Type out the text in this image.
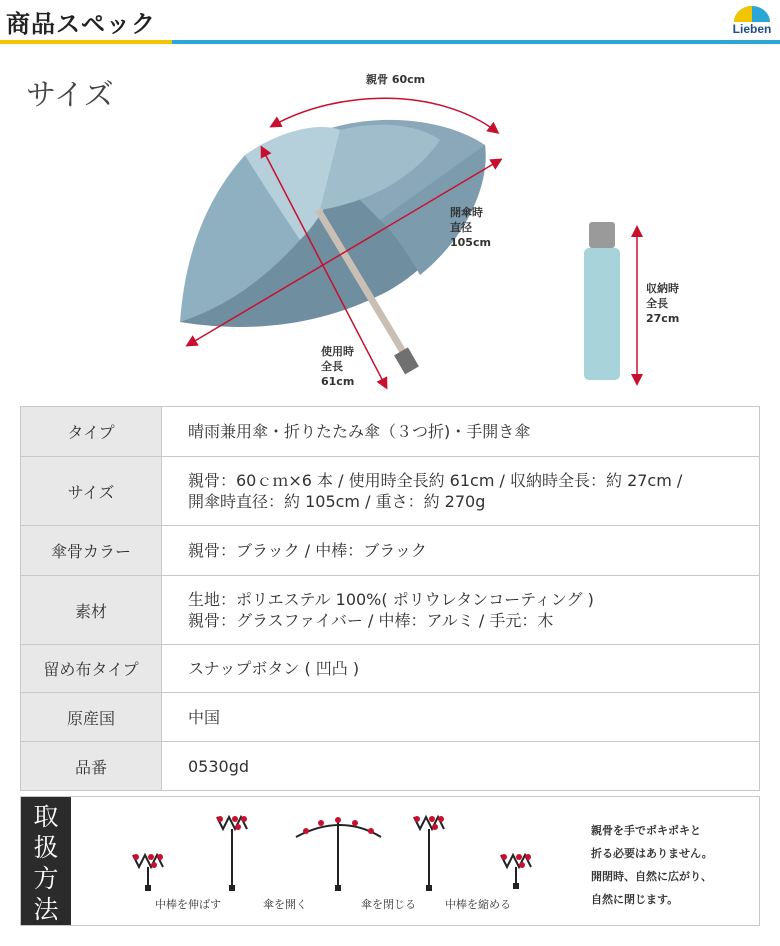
商品スペック	Lieben
サイズ	親骨 60cm
開傘時
直径
105cm
使用時
全長
61cm
収納時
全長
27cm
タイプ	晴雨兼用傘・折りたたみ傘（３つ折)・手開き傘
サイズ	親骨：60ｃｍ×6 本 / 使用時全長約 61cm / 収納時全長：約 27cm /
開傘時直径：約 105cm / 重さ：約 270g
傘骨カラー	親骨：ブラック / 中棒：ブラック
素材	生地：ポリエステル 100%( ポリウレタンコーティング )
親骨：グラスファイバー / 中棒：アルミ / 手元：木
留め布タイプ	スナップボタン ( 凹凸 )
原産国	中国
品番	0530gd
取扱方法	中棒を伸ばす	傘を開く	傘を閉じる	中棒を縮める
親骨を手でポキポキと
折る必要はありません。
開閉時、自然に広がり、
自然に閉じます。
